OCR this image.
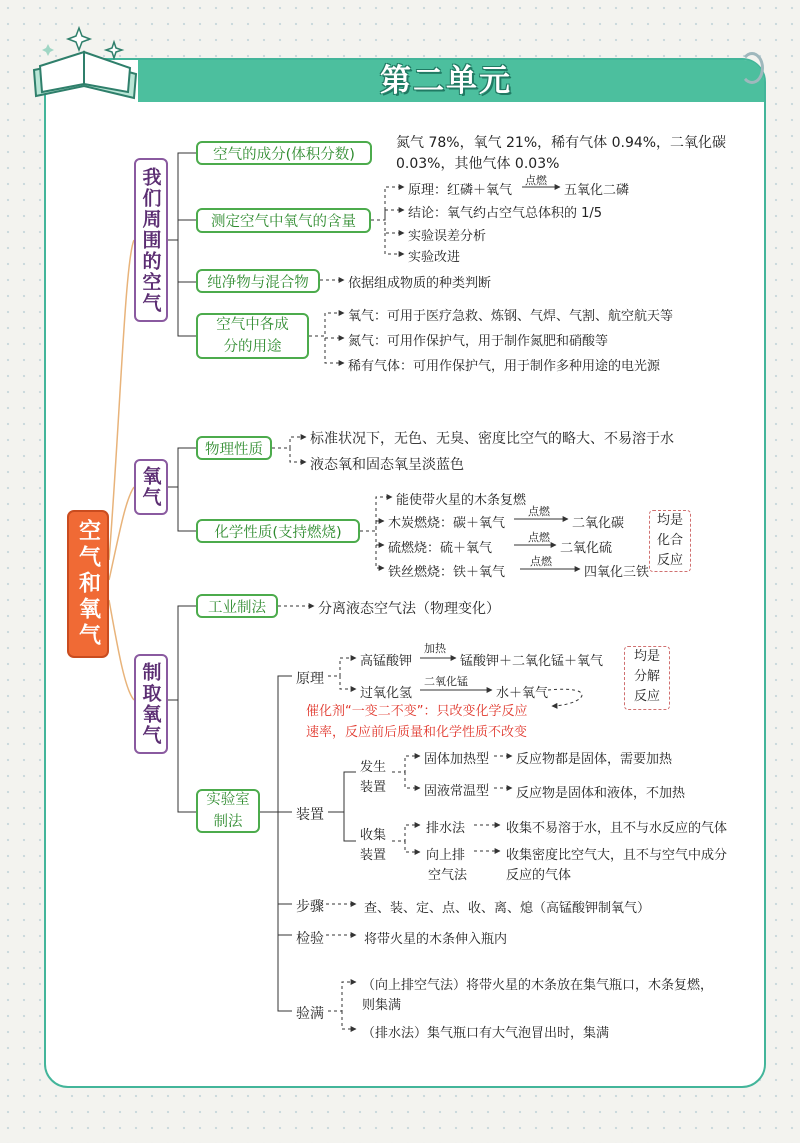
第二单元
空气和氧气
我们周围的空气
氧气
制取氧气
空气的成分(体积分数)
氮气 78%，氧气 21%，稀有气体 0.94%，二氧化碳
0.03%，其他气体 0.03%
测定空气中氧气的含量
原理：红磷＋氧气
点燃
五氧化二磷
结论：氧气约占空气总体积的 1/5
实验误差分析
实验改进
纯净物与混合物	依据组成物质的种类判断
空气中各成
分的用途
氧气：可用于医疗急救、炼钢、气焊、气割、航空航天等
氮气：可用作保护气，用于制作氮肥和硝酸等
稀有气体：可用作保护气，用于制作多种用途的电光源
物理性质
标准状况下，无色、无臭、密度比空气的略大、不易溶于水
液态氧和固态氧呈淡蓝色
化学性质(支持燃烧)
能使带火星的木条复燃
木炭燃烧：碳＋氧气
点燃
二氧化碳
硫燃烧：硫＋氧气
点燃
二氧化硫
铁丝燃烧：铁＋氧气
点燃
四氧化三铁
均是
化合
反应
工业制法	分离液态空气法（物理变化）
实验室
制法
原理
高锰酸钾
加热
锰酸钾＋二氧化锰＋氧气
过氧化氢
二氧化锰
水＋氧气
均是
分解
反应
催化剂“一变二不变”：只改变化学反应
速率，反应前后质量和化学性质不改变
装置
发生
装置
固体加热型 反应物都是固体，需要加热
固液常温型 反应物是固体和液体，不加热
收集
装置
排水法	收集不易溶于水，且不与水反应的气体
向上排
空气法
收集密度比空气大，且不与空气中成分
反应的气体
步骤	查、装、定、点、收、离、熄（高锰酸钾制氧气）
检验	将带火星的木条伸入瓶内
验满
（向上排空气法）将带火星的木条放在集气瓶口，木条复燃，
则集满
（排水法）集气瓶口有大气泡冒出时，集满
